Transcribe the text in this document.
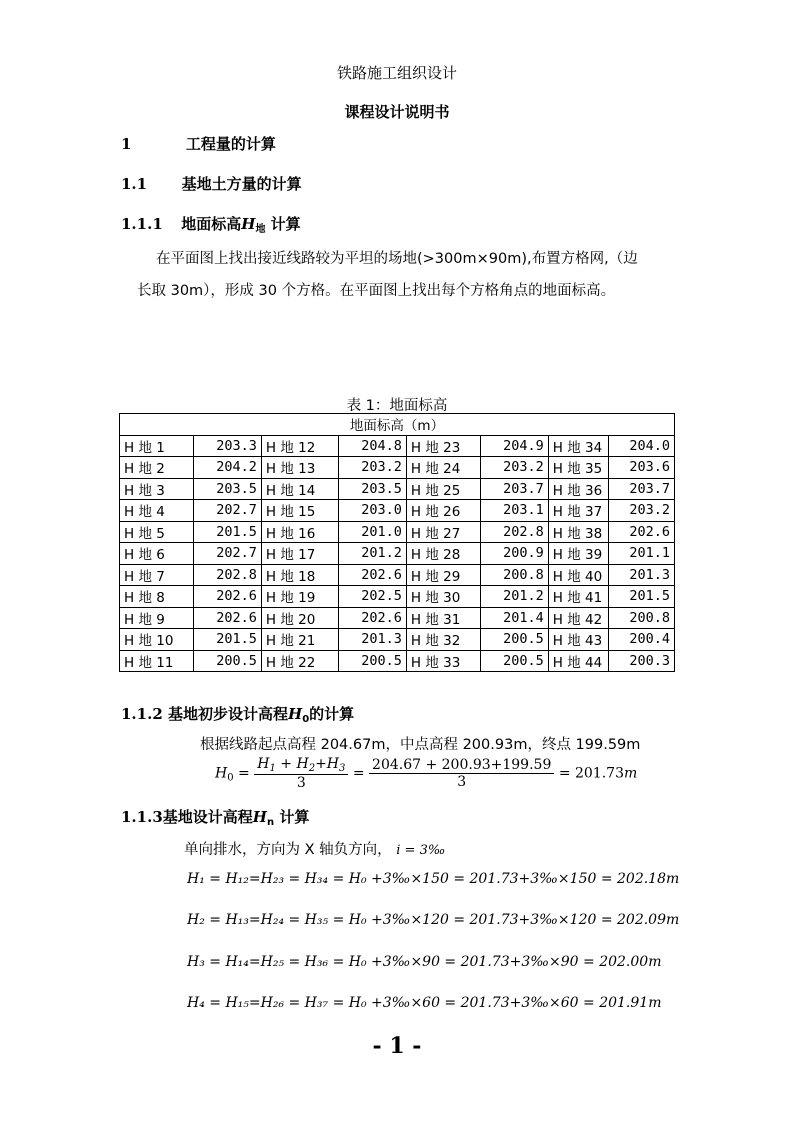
铁路施工组织设计
课程设计说明书
1	工程量的计算
1.1 基地土方量的计算
1.1.1 地面标高$H_地$ 计算
在平面图上找出接近线路较为平坦的场地(>300m×90m),布置方格网,（边
长取 30m），形成 30 个方格。在平面图上找出每个方格角点的地面标高。
表 1：地面标高
地面标高（m）							
H 地 1	203.3	H 地 12	204.8	H 地 23	204.9	H 地 34	204.0
H 地 2	204.2	H 地 13	203.2	H 地 24	203.2	H 地 35	203.6
H 地 3	203.5	H 地 14	203.5	H 地 25	203.7	H 地 36	203.7
H 地 4	202.7	H 地 15	203.0	H 地 26	203.1	H 地 37	203.2
H 地 5	201.5	H 地 16	201.0	H 地 27	202.8	H 地 38	202.6
H 地 6	202.7	H 地 17	201.2	H 地 28	200.9	H 地 39	201.1
H 地 7	202.8	H 地 18	202.6	H 地 29	200.8	H 地 40	201.3
H 地 8	202.6	H 地 19	202.5	H 地 30	201.2	H 地 41	201.5
H 地 9	202.6	H 地 20	202.6	H 地 31	201.4	H 地 42	200.8
H 地 10	201.5	H 地 21	201.3	H 地 32	200.5	H 地 43	200.4
H 地 11	200.5	H 地 22	200.5	H 地 33	200.5	H 地 44	200.3
1.1.2 基地初步设计高程$H_0$的计算
根据线路起点高程 204.67m，中点高程 200.93m，终点 199.59m
$H_0 = \frac{H_1 + H_2+H_3}{3} = \frac{204.67 + 200.93+199.59}{3} = 201.73m$
1.1.3基地设计高程$H_n$ 计算
单向排水，方向为 X 轴负方向， i = 3‰
H₁ = H₁₂=H₂₃ = H₃₄ = H₀ +3‰×150 = 201.73+3‰×150 = 202.18m
H₂ = H₁₃=H₂₄ = H₃₅ = H₀ +3‰×120 = 201.73+3‰×120 = 202.09m
H₃ = H₁₄=H₂₅ = H₃₆ = H₀ +3‰×90 = 201.73+3‰×90 = 202.00m
H₄ = H₁₅=H₂₆ = H₃₇ = H₀ +3‰×60 = 201.73+3‰×60 = 201.91m
- 1 -
